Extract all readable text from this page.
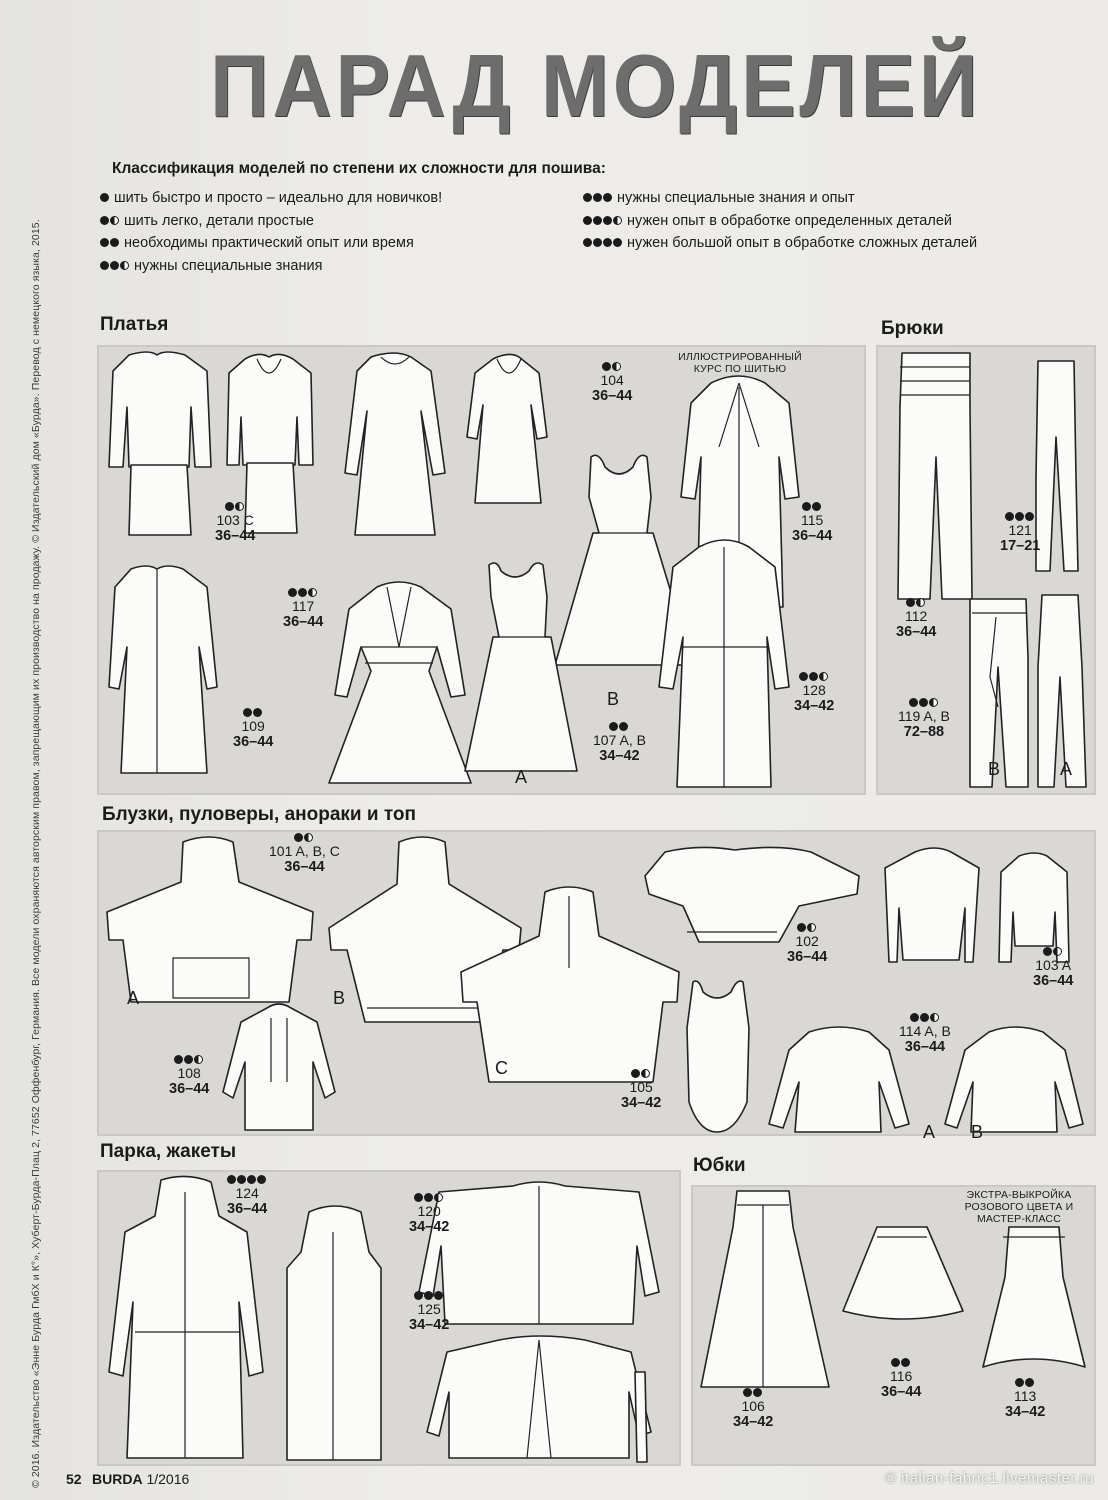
© 2016. Издательство «Энне Бурда ГмбХ и К°», Хуберт-Бурда-Плац 2, 77652 Оффенбург, Германия. Все модели охраняются авторским правом, запрещающим их производство на продажу. © Издательский дом «Бурда». Перевод с немецкого языка, 2015.
ПАРАД МОДЕЛЕЙ
Классификация моделей по степени их сложности для пошива:
шить быстро и просто – идеально для новичков!
шить легко, детали простые
необходимы практический опыт или время
нужны специальные знания
нужны специальные знания и опыт
нужен опыт в обработке определенных деталей
нужен большой опыт в обработке сложных деталей
Платья	Брюки
Блузки, пуловеры, анораки и топ
Парка, жакеты
Юбки
ИЛЛЮСТРИРОВАННЫЙ КУРС ПО ШИТЬЮ
103 C
36–44
104
36–44
115
36–44
117
36–44
109
36–44	107 A, B
34–42
128
34–42
A
B
121
17–21
112
36–44
119 A, B
72–88
B	A
101 A, B, C
36–44
102
36–44	103 A
36–44
108
36–44	105
34–42
114 A, B
36–44
A	B
C
A B
124
36–44	120
34–42
125
34–42
ЭКСТРА-ВЫКРОЙКА РОЗОВОГО ЦВЕТА И МАСТЕР-КЛАСС
106
34–42
116
36–44	113
34–42
52 BURDA 1/2016	© italian-fabric1.livemaster.ru
